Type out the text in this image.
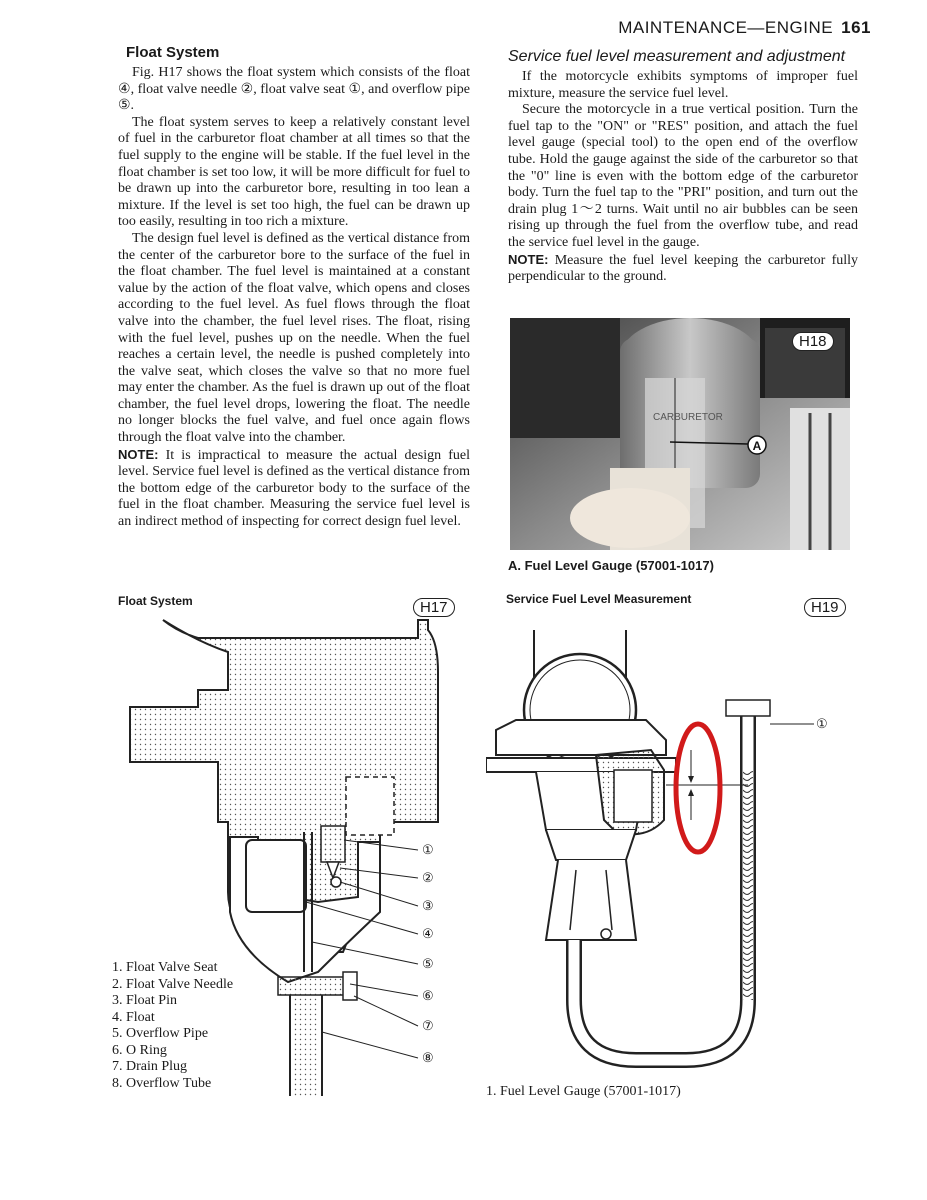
MAINTENANCE—ENGINE 161
Float System

Fig. H17 shows the float system which consists of the float ④, float valve needle ②, float valve seat ①, and overflow pipe ⑤.

The float system serves to keep a relatively constant level of fuel in the carburetor float chamber at all times so that the fuel supply to the engine will be stable. If the fuel level in the float chamber is set too low, it will be more difficult for fuel to be drawn up into the carburetor bore, resulting in too lean a mixture. If the level is set too high, the fuel can be drawn up too easily, resulting in too rich a mixture.

The design fuel level is defined as the vertical distance from the center of the carburetor bore to the surface of the fuel in the float chamber. The fuel level is maintained at a constant value by the action of the float valve, which opens and closes according to the fuel level. As fuel flows through the float valve into the chamber, the fuel level rises. The float, rising with the fuel level, pushes up on the needle. When the fuel reaches a certain level, the needle is pushed completely into the valve seat, which closes the valve so that no more fuel may enter the chamber. As the fuel is drawn up out of the float chamber, the fuel level drops, lowering the float. The needle no longer blocks the fuel valve, and fuel once again flows through the float valve into the chamber.

NOTE: It is impractical to measure the actual design fuel level. Service fuel level is defined as the vertical distance from the bottom edge of the carburetor body to the surface of the fuel in the float chamber. Measuring the service fuel level is an indirect method of inspecting for correct design fuel level.

Service fuel level measurement and adjustment

If the motorcycle exhibits symptoms of improper fuel mixture, measure the service fuel level.

Secure the motorcycle in a true vertical position. Turn the fuel tap to the "ON" or "RES" position, and attach the fuel level gauge (special tool) to the open end of the overflow tube. Hold the gauge against the side of the carburetor so that the "0" line is even with the bottom edge of the carburetor body. Turn the fuel tap to the "PRI" position, and turn out the drain plug 1～2 turns. Wait until no air bubbles can be seen rising up through the fuel from the overflow tube, and read the service fuel level in the gauge.

NOTE: Measure the fuel level keeping the carburetor fully perpendicular to the ground.

CARBURETOR
A
H18
A. Fuel Level Gauge (57001-1017)
Float System	H17
①
②
③
④
⑤
⑥
⑦
⑧
1. Float Valve Seat
2. Float Valve Needle
3. Float Pin
4. Float
5. Overflow Pipe
6. O Ring
7. Drain Plug
8. Overflow Tube
Service Fuel Level Measurement	H19
①
1. Fuel Level Gauge (57001-1017)
